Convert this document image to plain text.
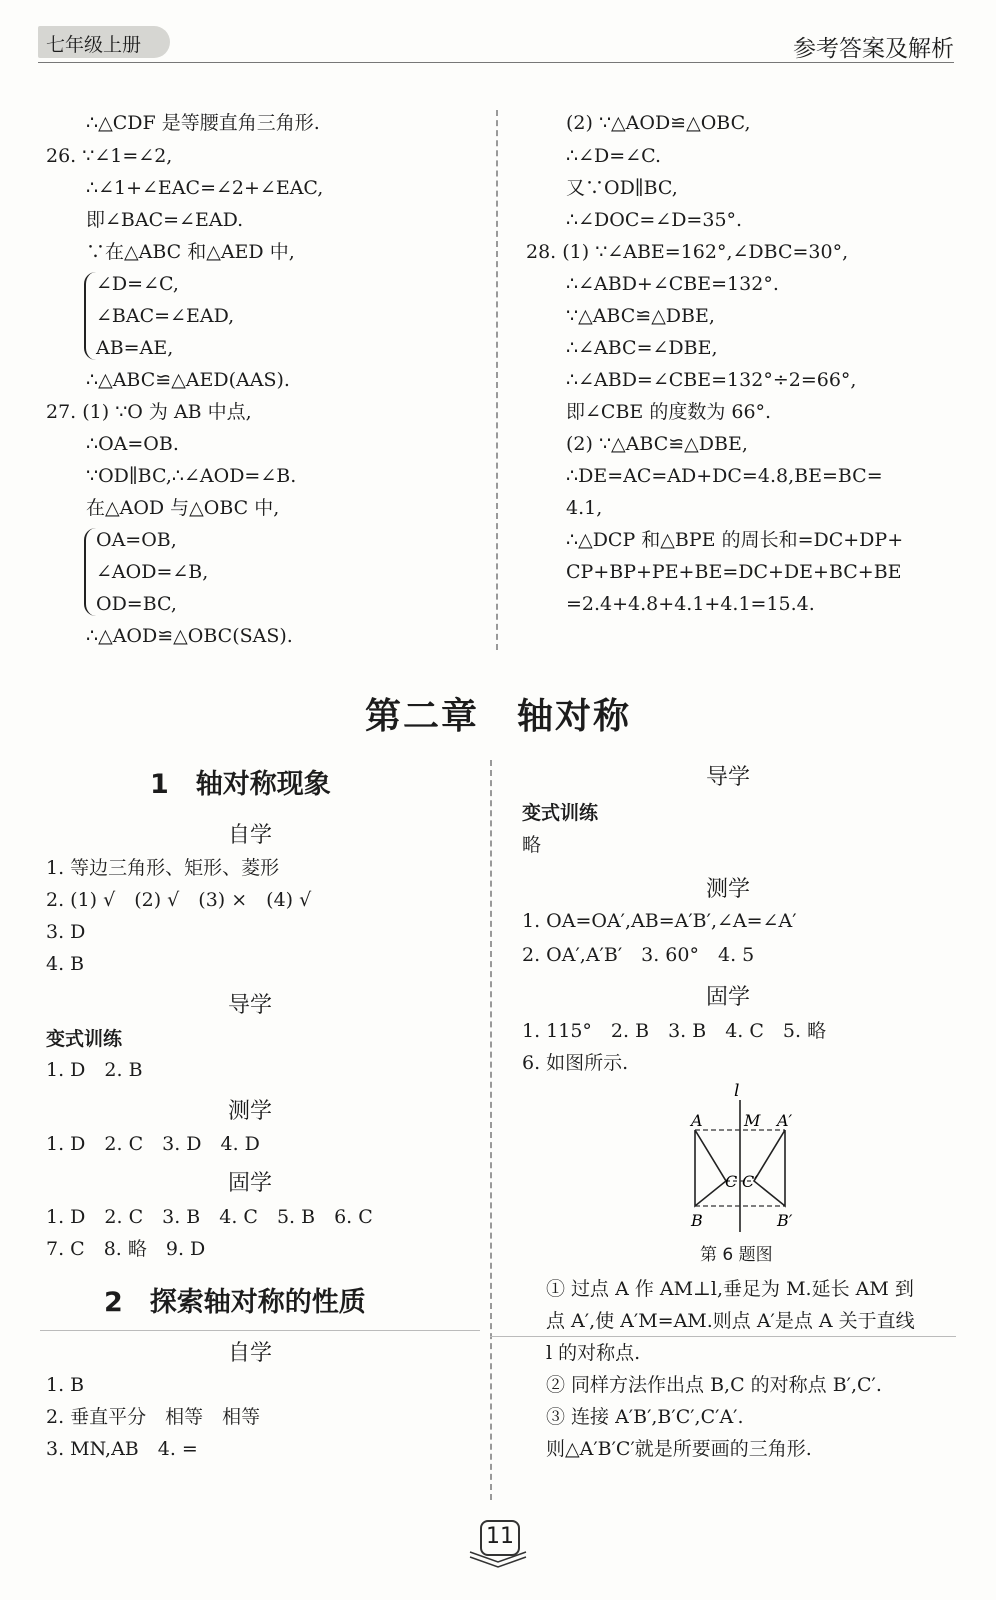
七年级上册	参考答案及解析
∴△CDF 是等腰直角三角形.
26. ∵∠1=∠2,
∴∠1+∠EAC=∠2+∠EAC,
即∠BAC=∠EAD.
∵在△ABC 和△AED 中,
∠D=∠C,
∠BAC=∠EAD,
AB=AE,
∴△ABC≌△AED(AAS).
27. (1) ∵O 为 AB 中点,
∴OA=OB.
∵OD∥BC,∴∠AOD=∠B.
在△AOD 与△OBC 中,
OA=OB,
∠AOD=∠B,
OD=BC,
∴△AOD≌△OBC(SAS).
(2) ∵△AOD≌△OBC,
∴∠D=∠C.
又∵OD∥BC,
∴∠DOC=∠D=35°.
28. (1) ∵∠ABE=162°,∠DBC=30°,
∴∠ABD+∠CBE=132°.
∵△ABC≌△DBE,
∴∠ABC=∠DBE,
∴∠ABD=∠CBE=132°÷2=66°,
即∠CBE 的度数为 66°.
(2) ∵△ABC≌△DBE,
∴DE=AC=AD+DC=4.8,BE=BC=
4.1,
∴△DCP 和△BPE 的周长和=DC+DP+
CP+BP+PE+BE=DC+DE+BC+BE
=2.4+4.8+4.1+4.1=15.4.
第二章　轴对称
1　轴对称现象
自学
1. 等边三角形、矩形、菱形
2. (1) √　(2) √　(3) ×　(4) √
3. D
4. B
导学
变式训练
1. D　2. B
测学
1. D　2. C　3. D　4. D
固学
1. D　2. C　3. B　4. C　5. B　6. C
7. C　8. 略　9. D
2　探索轴对称的性质
自学
1. B
2. 垂直平分　相等　相等
3. MN,AB　4. =
导学
变式训练
略
测学
1. OA=OA′,AB=A′B′,∠A=∠A′
2. OA′,A′B′　3. 60°　4. 5
固学
1. 115°　2. B　3. B　4. C　5. 略
6. 如图所示.
l
A	M A′
C C′
B	B′
第 6 题图
① 过点 A 作 AM⊥l,垂足为 M.延长 AM 到
点 A′,使 A′M=AM.则点 A′是点 A 关于直线
l 的对称点.
② 同样方法作出点 B,C 的对称点 B′,C′.
③ 连接 A′B′,B′C′,C′A′.
则△A′B′C′就是所要画的三角形.
11
